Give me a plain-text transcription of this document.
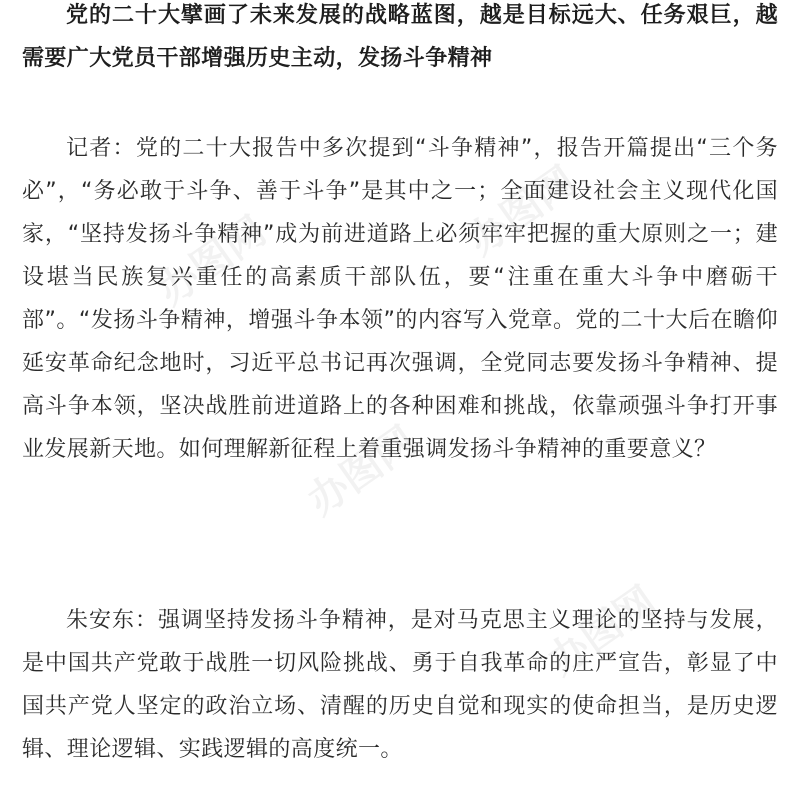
办图网	办图网
办图网
办图网

党的二十大擘画了未来发展的战略蓝图，越是目标远大、任务艰巨，越需要广大党员干部增强历史主动，发扬斗争精神

记者：党的二十大报告中多次提到“斗争精神”，报告开篇提出“三个务必”，“务必敢于斗争、善于斗争”是其中之一；全面建设社会主义现代化国家，“坚持发扬斗争精神”成为前进道路上必须牢牢把握的重大原则之一；建设堪当民族复兴重任的高素质干部队伍，要“注重在重大斗争中磨砺干部”。“发扬斗争精神，增强斗争本领”的内容写入党章。党的二十大后在瞻仰延安革命纪念地时，习近平总书记再次强调，全党同志要发扬斗争精神、提高斗争本领，坚决战胜前进道路上的各种困难和挑战，依靠顽强斗争打开事业发展新天地。如何理解新征程上着重强调发扬斗争精神的重要意义？

朱安东：强调坚持发扬斗争精神，是对马克思主义理论的坚持与发展，是中国共产党敢于战胜一切风险挑战、勇于自我革命的庄严宣告，彰显了中国共产党人坚定的政治立场、清醒的历史自觉和现实的使命担当，是历史逻辑、理论逻辑、实践逻辑的高度统一。
